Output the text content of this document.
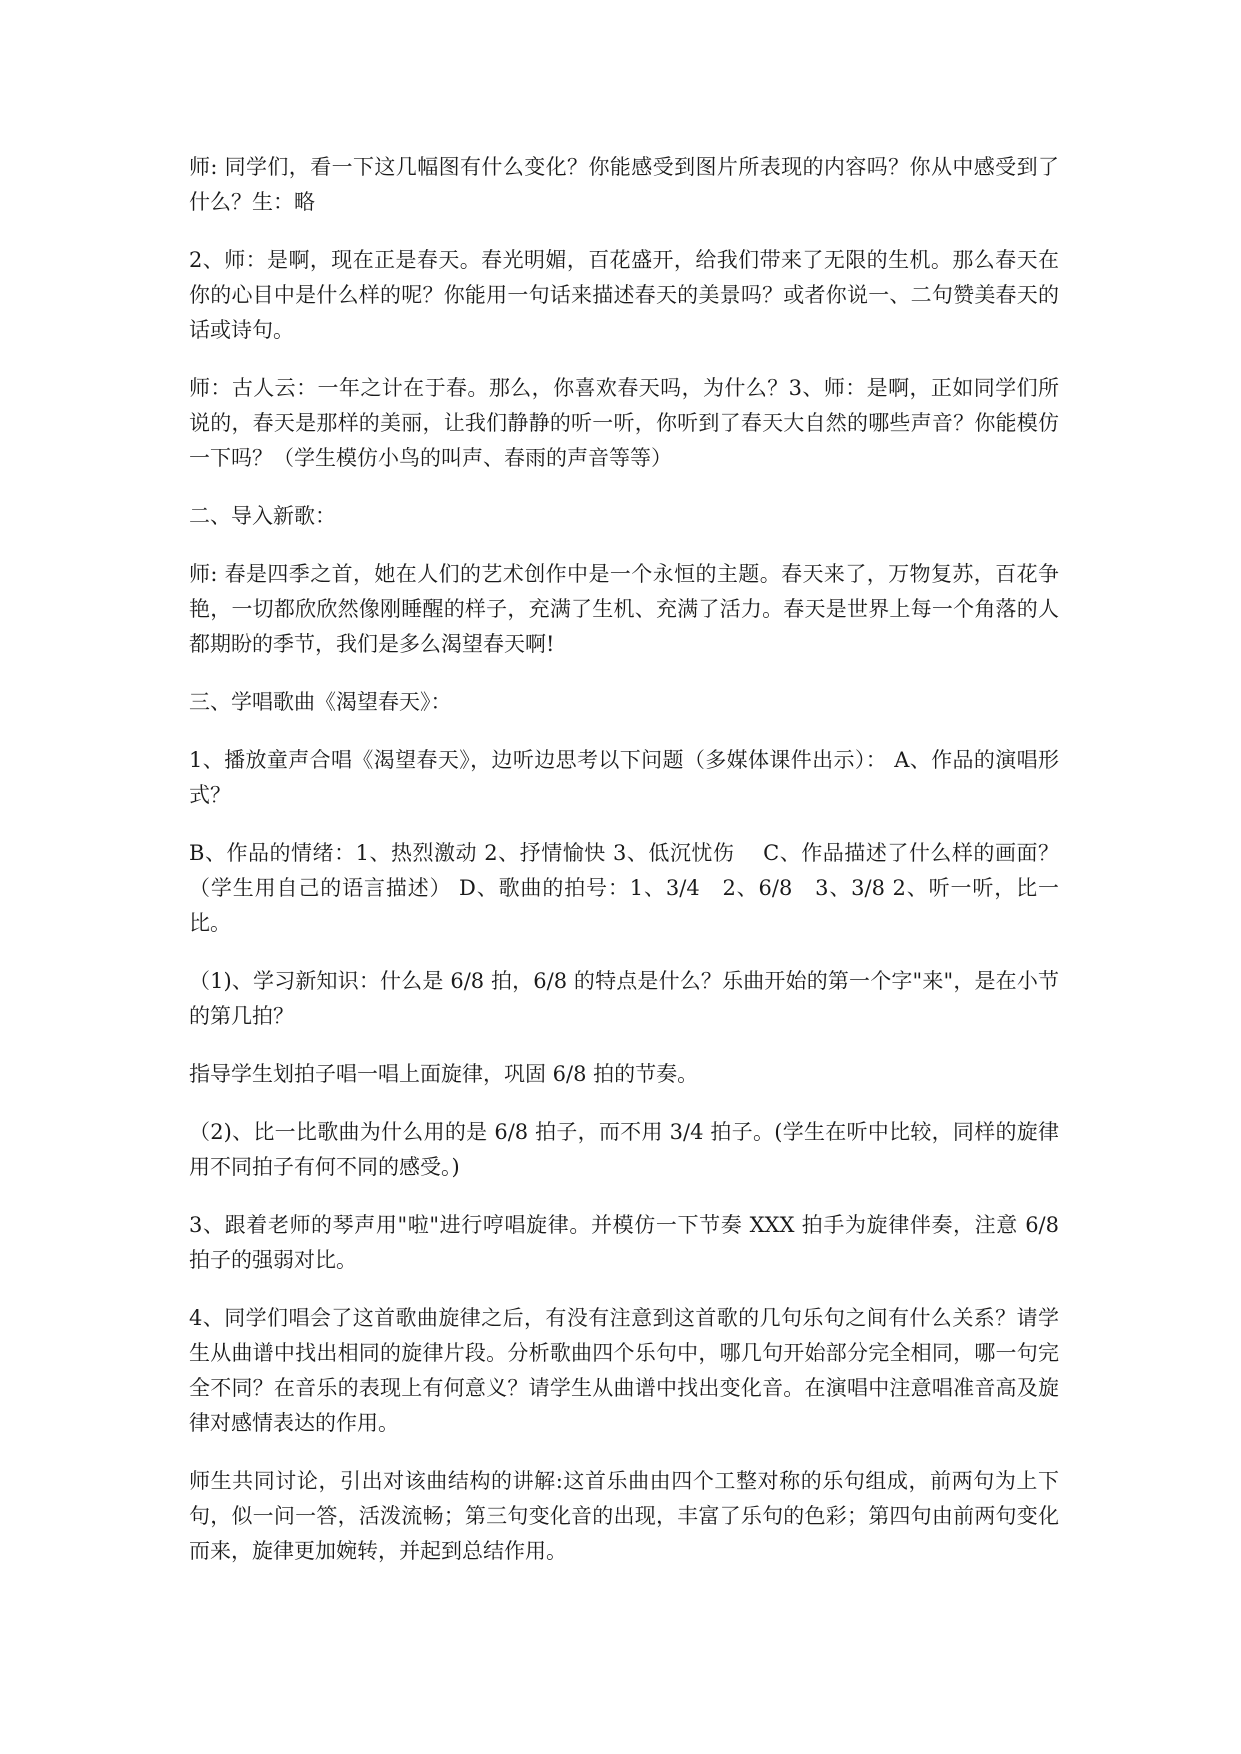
师: 同学们，看一下这几幅图有什么变化？你能感受到图片所表现的内容吗？你从中感受到了什么？生：略

2、师：是啊，现在正是春天。春光明媚，百花盛开，给我们带来了无限的生机。那么春天在你的心目中是什么样的呢？你能用一句话来描述春天的美景吗？或者你说一、二句赞美春天的话或诗句。

师：古人云：一年之计在于春。那么，你喜欢春天吗，为什么？3、师：是啊，正如同学们所说的，春天是那样的美丽，让我们静静的听一听，你听到了春天大自然的哪些声音？你能模仿一下吗？（学生模仿小鸟的叫声、春雨的声音等等）

二、导入新歌：

师: 春是四季之首，她在人们的艺术创作中是一个永恒的主题。春天来了，万物复苏，百花争艳，一切都欣欣然像刚睡醒的样子，充满了生机、充满了活力。春天是世界上每一个角落的人都期盼的季节，我们是多么渴望春天啊!

三、学唱歌曲《渴望春天》：

1、播放童声合唱《渴望春天》，边听边思考以下问题（多媒体课件出示）： A、作品的演唱形式？

B、作品的情绪：1、热烈激动 2、抒情愉快 3、低沉忧伤　 C、作品描述了什么样的画面？（学生用自己的语言描述） D、歌曲的拍号：1、3/4　2、6/8　3、3/8 2、听一听，比一比。

（1)、学习新知识：什么是 6/8 拍，6/8 的特点是什么？乐曲开始的第一个字"来"，是在小节的第几拍？

指导学生划拍子唱一唱上面旋律，巩固 6/8 拍的节奏。

（2)、比一比歌曲为什么用的是 6/8 拍子，而不用 3/4 拍子。(学生在听中比较，同样的旋律用不同拍子有何不同的感受。)

3、跟着老师的琴声用"啦"进行哼唱旋律。并模仿一下节奏 XXX 拍手为旋律伴奏，注意 6/8 拍子的强弱对比。

4、同学们唱会了这首歌曲旋律之后，有没有注意到这首歌的几句乐句之间有什么关系？请学生从曲谱中找出相同的旋律片段。分析歌曲四个乐句中，哪几句开始部分完全相同，哪一句完全不同？在音乐的表现上有何意义？请学生从曲谱中找出变化音。在演唱中注意唱准音高及旋律对感情表达的作用。

师生共同讨论，引出对该曲结构的讲解:这首乐曲由四个工整对称的乐句组成，前两句为上下句，似一问一答，活泼流畅；第三句变化音的出现，丰富了乐句的色彩；第四句由前两句变化而来，旋律更加婉转，并起到总结作用。
